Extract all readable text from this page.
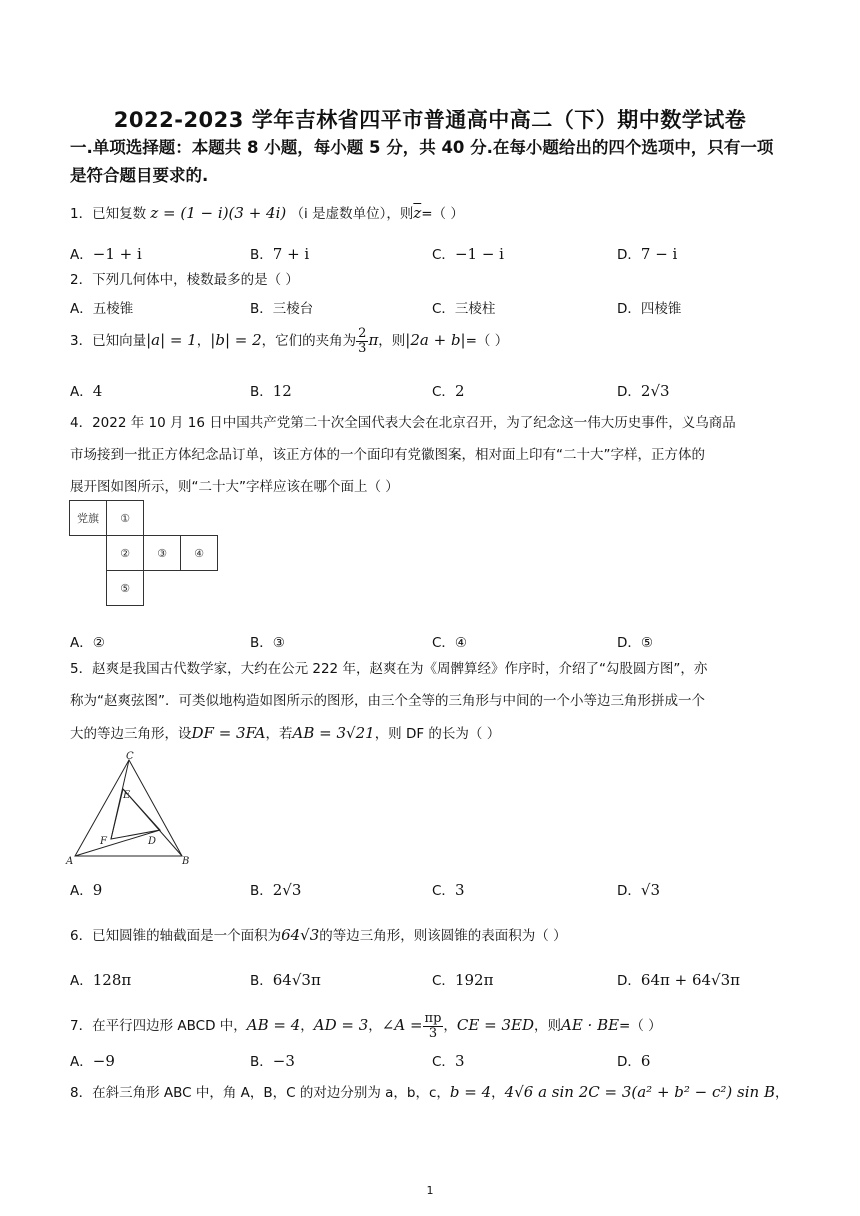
2022-2023 学年吉林省四平市普通高中高二（下）期中数学试卷
一.单项选择题：本题共 8 小题，每小题 5 分，共 40 分.在每小题给出的四个选项中，只有一项
是符合题目要求的.
1．已知复数 z = (1 − i)(3 + 4i) （i 是虚数单位），则$\overline{z}=$（ ）
A．−1 + i	B．7 + i	C．−1 − i	D．7 − i
2．下列几何体中，棱数最多的是（ ）
A．五棱锥	B．三棱台	C．三棱柱	D．四棱锥
3．已知向量|a| = 1，|b| = 2，它们的夹角为 $\frac{2}{3}$ π，则|2a + b|=（ ）
A．4	B．12	C．2	D．2√3
4．2022 年 10 月 16 日中国共产党第二十次全国代表大会在北京召开，为了纪念这一伟大历史事件，义乌商品
市场接到一批正方体纪念品订单，该正方体的一个面印有党徽图案，相对面上印有“二十大”字样，正方体的
展开图如图所示，则“二十大”字样应该在哪个面上（ ）
党旗	①
②	③	④
⑤
A．②	B．③	C．④	D．⑤
5．赵爽是我国古代数学家，大约在公元 222 年，赵爽在为《周髀算经》作序时，介绍了“勾股圆方图”，亦
称为“赵爽弦图”．可类似地构造如图所示的图形，由三个全等的三角形与中间的一个小等边三角形拼成一个
大的等边三角形，设DF = 3FA，若AB = 3√21，则 DF 的长为（ ）
C
E
F	D
A	B
A．9	B．2√3	C．3	D．√3
6．已知圆锥的轴截面是一个面积为64√3的等边三角形，则该圆锥的表面积为（ ）
A．128π	B．64√3π	C．192π	D．64π + 64√3π
7．在平行四边形 ABCD 中，AB = 4，AD = 3，∠A = $\frac{\pi p}{3}$ ，CE = 3ED，则AE · BE=（ ）
A．−9	B．−3	C．3	D．6
8．在斜三角形 ABC 中，角 A，B，C 的对边分别为 a，b，c，b = 4，4√6 a sin 2C = 3(a² + b² − c²) sin B，
1
